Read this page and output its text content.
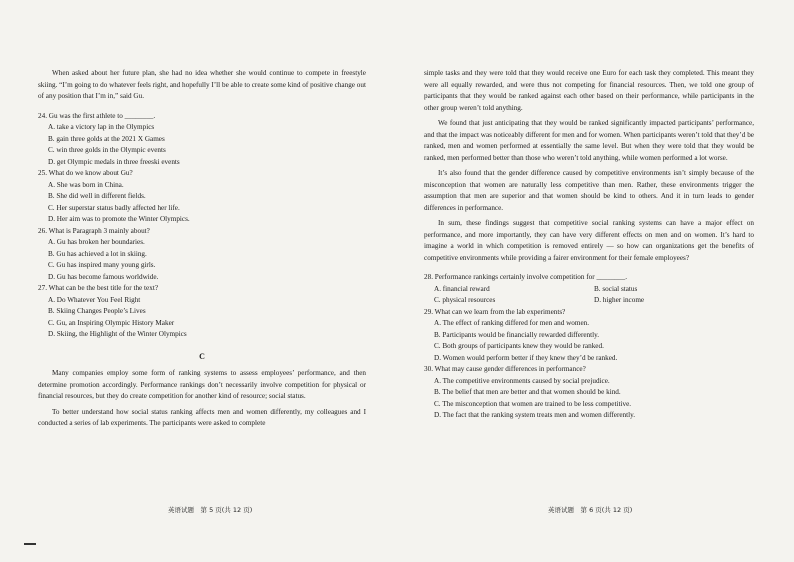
When asked about her future plan, she had no idea whether she would continue to compete in freestyle skiing. “I’m going to do whatever feels right, and hopefully I’ll be able to create some kind of positive change out of any position that I’m in,” said Gu.

24. Gu was the first athlete to ________.

A. take a victory lap in the Olympics

B. gain three golds at the 2021 X Games

C. win three golds in the Olympic events

D. get Olympic medals in three freeski events

25. What do we know about Gu?

A. She was born in China.

B. She did well in different fields.

C. Her superstar status badly affected her life.

D. Her aim was to promote the Winter Olympics.

26. What is Paragraph 3 mainly about?

A. Gu has broken her boundaries.

B. Gu has achieved a lot in skiing.

C. Gu has inspired many young girls.

D. Gu has become famous worldwide.

27. What can be the best title for the text?

A. Do Whatever You Feel Right

B. Skiing Changes People’s Lives

C. Gu, an Inspiring Olympic History Maker

D. Skiing, the Highlight of the Winter Olympics

C

Many companies employ some form of ranking systems to assess employees’ performance, and then determine promotion accordingly. Performance rankings don’t necessarily involve competition for physical or financial resources, but they do create competition for another kind of resource; social status.

To better understand how social status ranking affects men and women differently, my colleagues and I conducted a series of lab experiments. The participants were asked to complete

simple tasks and they were told that they would receive one Euro for each task they completed. This meant they were all equally rewarded, and were thus not competing for financial resources. Then, we told one group of participants that they would be ranked against each other based on their performance, while participants in the other group weren’t told anything.

We found that just anticipating that they would be ranked significantly impacted participants’ performance, and that the impact was noticeably different for men and for women. When participants weren’t told that they’d be ranked, men and women performed at essentially the same level. But when they were told that they would be ranked, men performed better than those who weren’t told anything, while women performed a lot worse.

It’s also found that the gender difference caused by competitive environments isn’t simply because of the misconception that women are naturally less competitive than men. Rather, these environments trigger the assumption that men are superior and that women should be kind to others. And it in turn leads to gender differences in performance.

In sum, these findings suggest that competitive social ranking systems can have a major effect on performance, and more importantly, they can have very different effects on men and on women. It’s hard to imagine a world in which competition is removed entirely — so how can organizations get the benefits of competitive environments while providing a fairer environment for their female employees?

28. Performance rankings certainly involve competition for ________.

A. financial reward	B. social status
C. physical resources	D. higher income

29. What can we learn from the lab experiments?

A. The effect of ranking differed for men and women.

B. Participants would be financially rewarded differently.

C. Both groups of participants knew they would be ranked.

D. Women would perform better if they knew they’d be ranked.

30. What may cause gender differences in performance?

A. The competitive environments caused by social prejudice.

B. The belief that men are better and that women should be kind.

C. The misconception that women are trained to be less competitive.

D. The fact that the ranking system treats men and women differently.

英语试题　第 5 页(共 12 页)	英语试题　第 6 页(共 12 页)
